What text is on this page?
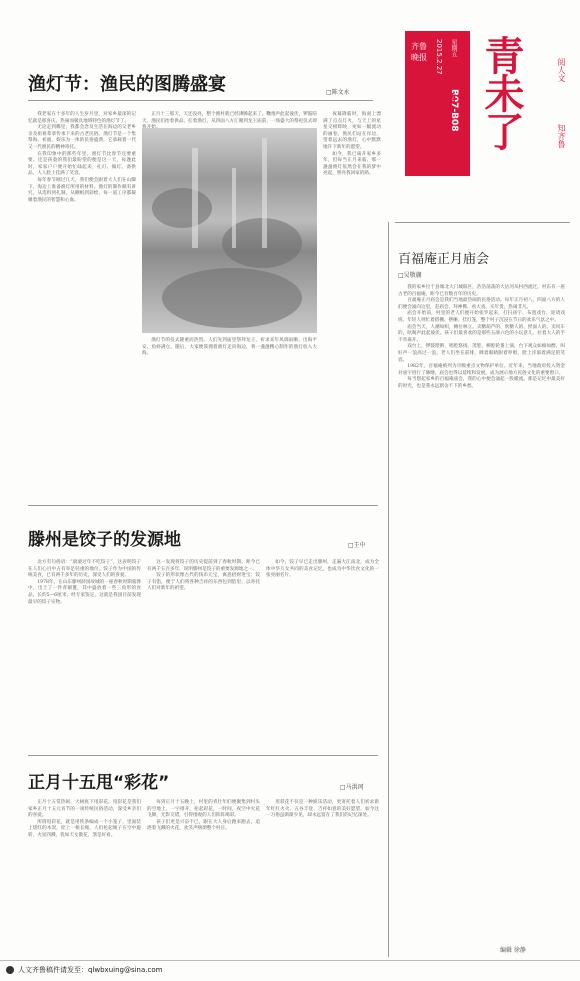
齐鲁晚报 2015.2.27 星期五
B07-B08 青未了
人文齐鲁
阅人文
知齐鲁
渔灯节：渔民的图腾盛宴	□陈文永

我老家在十多年的人生岁月里，对家乡最深的记忆就是那喜庆、热闹而极具地域特色的渔灯节了。

无论走到哪里，我都会念及生活在海边的父老乡亲及祖祖辈辈传承下来的古老民俗。渔灯节是一个集祭海、祈福、娱乐为一体的民俗盛典，它承载着一代又一代渔民的精神寄托。

在我印象中的那些年里，渔灯节比春节还要重要。还是孩童的我们最盼望的便是这一天，每逢此时，家家户户便开始忙碌起来，扎灯、做灯、备供品，人人脸上挂满了笑容。

每年春节刚过几天，我们便会跟着大人们在山脚下、海边上准备渔灯所用的材料。渔灯的制作颇有讲究，从选料到扎制，从糊纸到彩绘，每一道工序都凝聚着渔民的智慧和心血。

正月十三那天，天还没亮，整个渔村就已经沸腾起来了。鞭炮声此起彼伏，锣鼓喧天，渔民们抬着供品、扛着渔灯，从四面八方汇聚到龙王庙前，一场盛大的祭祀仪式即

渔灯节的仪式隆重而热烈。人们先到庙里祭拜龙王，祈求来年风调雨顺、出海平安、鱼虾满仓。随后，大家便簇拥着渔灯走向海边，将一盏盏精心制作的渔灯放入大海。

夜幕降临时，海面上漂满了点点灯火，与天上的星星交相辉映，宛如一幅流动的画卷。渔民们站在岸边，望着远去的渔灯，心中默默地许下新年的愿望。

如今，我已离开家乡多年，但每当正月来临，那一盏盏渔灯依然会在我的梦中亮起，照亮我回家的路。

百福庵正月庙会
□吴敬蒯

我的家乡位于县城北大门城阳区，浩浩荡荡的大沽河从村西流过，村东有一座古老的百福庵，距今已有数百年的历史。

百福庵正月庙会是我们当地最热闹的民俗活动。每年正月初八，四面八方的人们便会涌向这里，赶庙会、拜神佛、看大戏、买年货，热闹非凡。

庙会开始前，村里的老人们便开始张罗起来，打扫庙宇、布置戏台、迎请戏班。年轻人则忙着搭棚、摆摊、挂灯笼，整个村子沉浸在节日的欢乐气氛之中。

庙会当天，人潮如织，摊位林立。卖糖葫芦的、吹糖人的、捏面人的、卖风车的，吆喝声此起彼伏。孩子们最喜欢的是那些五颜六色的小玩意儿，拉着大人的手不肯离开。

戏台上，锣鼓铿锵，唱腔悠扬。茂腔、柳腔轮番上演，台下观众如痴如醉，叫好声一浪高过一浪。老人们坐在前排，眯着眼睛跟着哼唱，脸上洋溢着满足的笑容。

1982年，百福庵被列为市级重点文物保护单位。近年来，当地政府投入资金对庙宇进行了修缮，庙会也得以延续和发展，成为展示地方民俗文化的重要窗口。

每当想起家乡的百福庵庙会，我的心中便会涌起一股暖流。那是记忆中最美好的时光，也是我永远割舍不下的乡愁。

编辑 徐静
滕州是饺子的发源地	□王中

北方有句俗语：“滚滚过年不吃饺子”，这表明饺子在人们心目中占有举足轻重的地位。饺子作为中国的传统美食，已有两千多年的历史，深受人们的喜爱。

1978年，在山东滕州薛国故城的一座春秋时期墓葬中，出土了一件青铜簠，其中盛放着一些三角形的食品，长约5—6厘米，经专家鉴定，这就是我国目前发现最早的饺子实物。

这一发现将饺子的历史提前到了春秋时期，距今已有两千五百多年，说明滕州是饺子的重要发源地之一。

饺子的形状像古代的钱币元宝，寓意招财进宝；饺子有馅，便于人们将各种吉祥的东西包到馅里，以寄托人们对新年的祈望。

如今，饺子早已走出滕州，走遍大江南北，成为全体中华儿女共同的美食记忆，也成为中华饮食文化的一张亮丽名片。

正月十五甩“彩花”	□马洪珂

正月十五赏热闹，大树底下甩彩花。甩彩花是我们家乡正月十五元宵节的一项传统民俗活动，深受乡亲们的喜爱。

所谓甩彩花，就是用铁条编成一个小笼子，里面装上烧红的木炭，拴上一根长绳，人们抡起绳子在空中旋转，火星四溅，犹如天女散花，煞是好看。

每到正月十五晚上，村里的青壮年们便聚集到村头的空地上，一字排开，抡起彩花，一时间，夜空中火花飞舞，光影交错，引得围观的人们阵阵喝彩。

孩子们更是兴奋不已，跟在大人身后跑来跑去，追逐着飞溅的火花，欢笑声响彻整个村庄。

甩彩花不仅是一种娱乐活动，更寄托着人们祈求新年红红火火、五谷丰登、吉祥如意的美好愿望，如今这一习俗虽渐渐少见，却永远留在了我们的记忆深处。

人文齐鲁稿件请发至：qlwbxuing@sina.com
